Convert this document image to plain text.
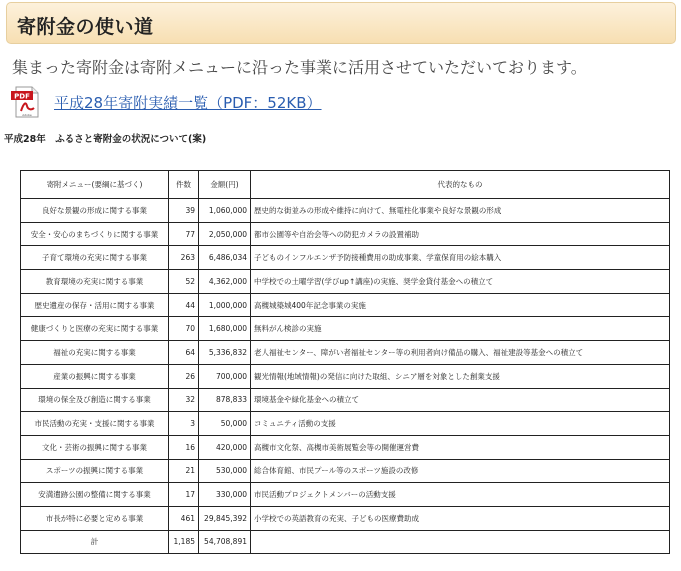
寄附金の使い道
集まった寄附金は寄附メニューに沿った事業に活用させていただいております。
PDF
Adobe
平成28年寄附実績一覧（PDF：52KB）
平成28年　ふるさと寄附金の状況について(案)
寄附メニュー(要綱に基づく)	件数	金額(円)	代表的なもの
良好な景観の形成に関する事業	39	1,060,000	歴史的な街並みの形成や維持に向けて、無電柱化事業や良好な景観の形成
安全・安心のまちづくりに関する事業	77	2,050,000	都市公園等や自治会等への防犯カメラの設置補助
子育て環境の充実に関する事業	263	6,486,034	子どものインフルエンザ予防接種費用の助成事業、学童保育用の絵本購入
教育環境の充実に関する事業	52	4,362,000	中学校での土曜学習(学びup↑講座)の実施、奨学金貸付基金への積立て
歴史遺産の保存・活用に関する事業	44	1,000,000	高槻城築城400年記念事業の実施
健康づくりと医療の充実に関する事業	70	1,680,000	無料がん検診の実施
福祉の充実に関する事業	64	5,336,832	老人福祉センター、障がい者福祉センター等の利用者向け備品の購入、福祉建設等基金への積立て
産業の振興に関する事業	26	700,000	観光情報(地域情報)の発信に向けた取組、シニア層を対象とした創業支援
環境の保全及び創造に関する事業	32	878,833	環境基金や緑化基金への積立て
市民活動の充実・支援に関する事業	3	50,000	コミュニティ活動の支援
文化・芸術の振興に関する事業	16	420,000	高槻市文化祭、高槻市美術展覧会等の開催運営費
スポーツの振興に関する事業	21	530,000	総合体育館、市民プール等のスポーツ施設の改修
安満遺跡公園の整備に関する事業	17	330,000	市民活動プロジェクトメンバーの活動支援
市長が特に必要と定める事業	461	29,845,392	小学校での英語教育の充実、子どもの医療費助成
計	1,185	54,708,891	
